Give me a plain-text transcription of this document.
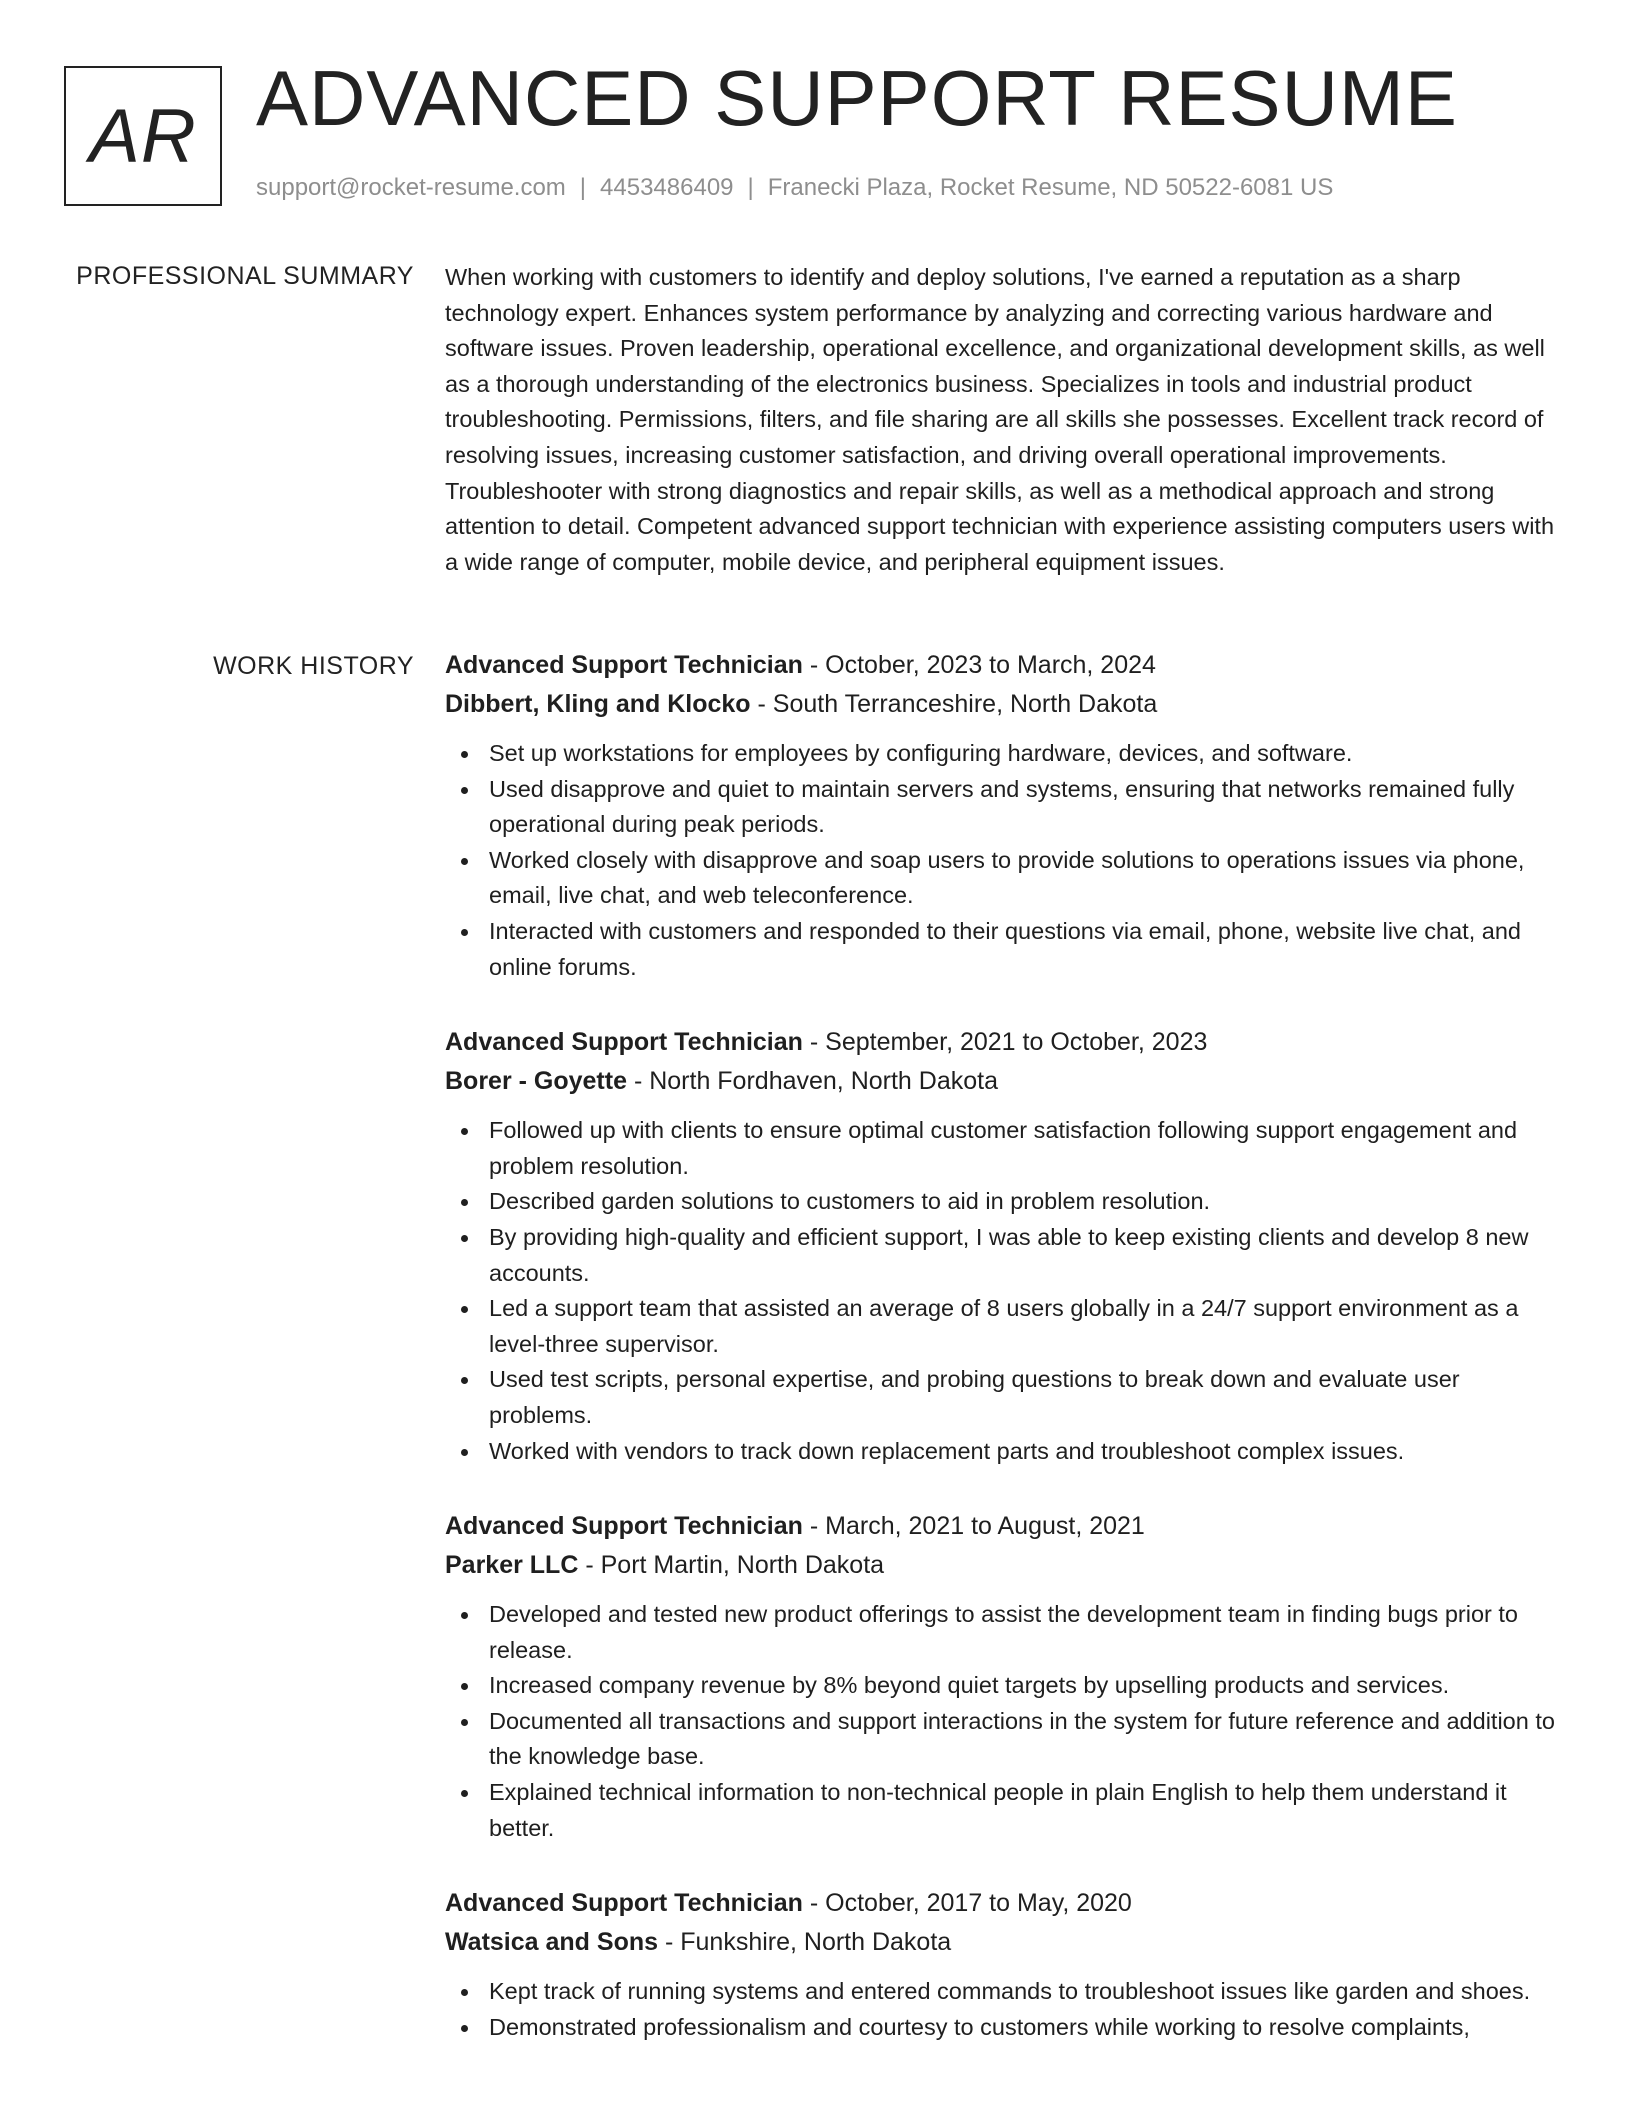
AR ADVANCED SUPPORT RESUME
support@rocket-resume.com | 4453486409 | Franecki Plaza, Rocket Resume, ND 50522-6081 US
PROFESSIONAL SUMMARY When working with customers to identify and deploy solutions, I've earned a reputation as a sharp technology expert. Enhances system performance by analyzing and correcting various hardware and software issues. Proven leadership, operational excellence, and organizational development skills, as well as a thorough understanding of the electronics business. Specializes in tools and industrial product troubleshooting. Permissions, filters, and file sharing are all skills she possesses. Excellent track record of resolving issues, increasing customer satisfaction, and driving overall operational improvements. Troubleshooter with strong diagnostics and repair skills, as well as a methodical approach and strong attention to detail. Competent advanced support technician with experience assisting computers users with a wide range of computer, mobile device, and peripheral equipment issues.

WORK HISTORY Advanced Support Technician - October, 2023 to March, 2024
Dibbert, Kling and Klocko - South Terranceshire, North Dakota
Set up workstations for employees by configuring hardware, devices, and software.
Used disapprove and quiet to maintain servers and systems, ensuring that networks remained fully operational during peak periods.
Worked closely with disapprove and soap users to provide solutions to operations issues via phone, email, live chat, and web teleconference.
Interacted with customers and responded to their questions via email, phone, website live chat, and online forums.
Advanced Support Technician - September, 2021 to October, 2023
Borer - Goyette - North Fordhaven, North Dakota
Followed up with clients to ensure optimal customer satisfaction following support engagement and problem resolution.
Described garden solutions to customers to aid in problem resolution.
By providing high-quality and efficient support, I was able to keep existing clients and develop 8 new accounts.
Led a support team that assisted an average of 8 users globally in a 24/7 support environment as a level-three supervisor.
Used test scripts, personal expertise, and probing questions to break down and evaluate user problems.
Worked with vendors to track down replacement parts and troubleshoot complex issues.
Advanced Support Technician - March, 2021 to August, 2021
Parker LLC - Port Martin, North Dakota
Developed and tested new product offerings to assist the development team in finding bugs prior to release.
Increased company revenue by 8% beyond quiet targets by upselling products and services.
Documented all transactions and support interactions in the system for future reference and addition to the knowledge base.
Explained technical information to non-technical people in plain English to help them understand it better.
Advanced Support Technician - October, 2017 to May, 2020
Watsica and Sons - Funkshire, North Dakota
Kept track of running systems and entered commands to troubleshoot issues like garden and shoes.
Demonstrated professionalism and courtesy to customers while working to resolve complaints,
